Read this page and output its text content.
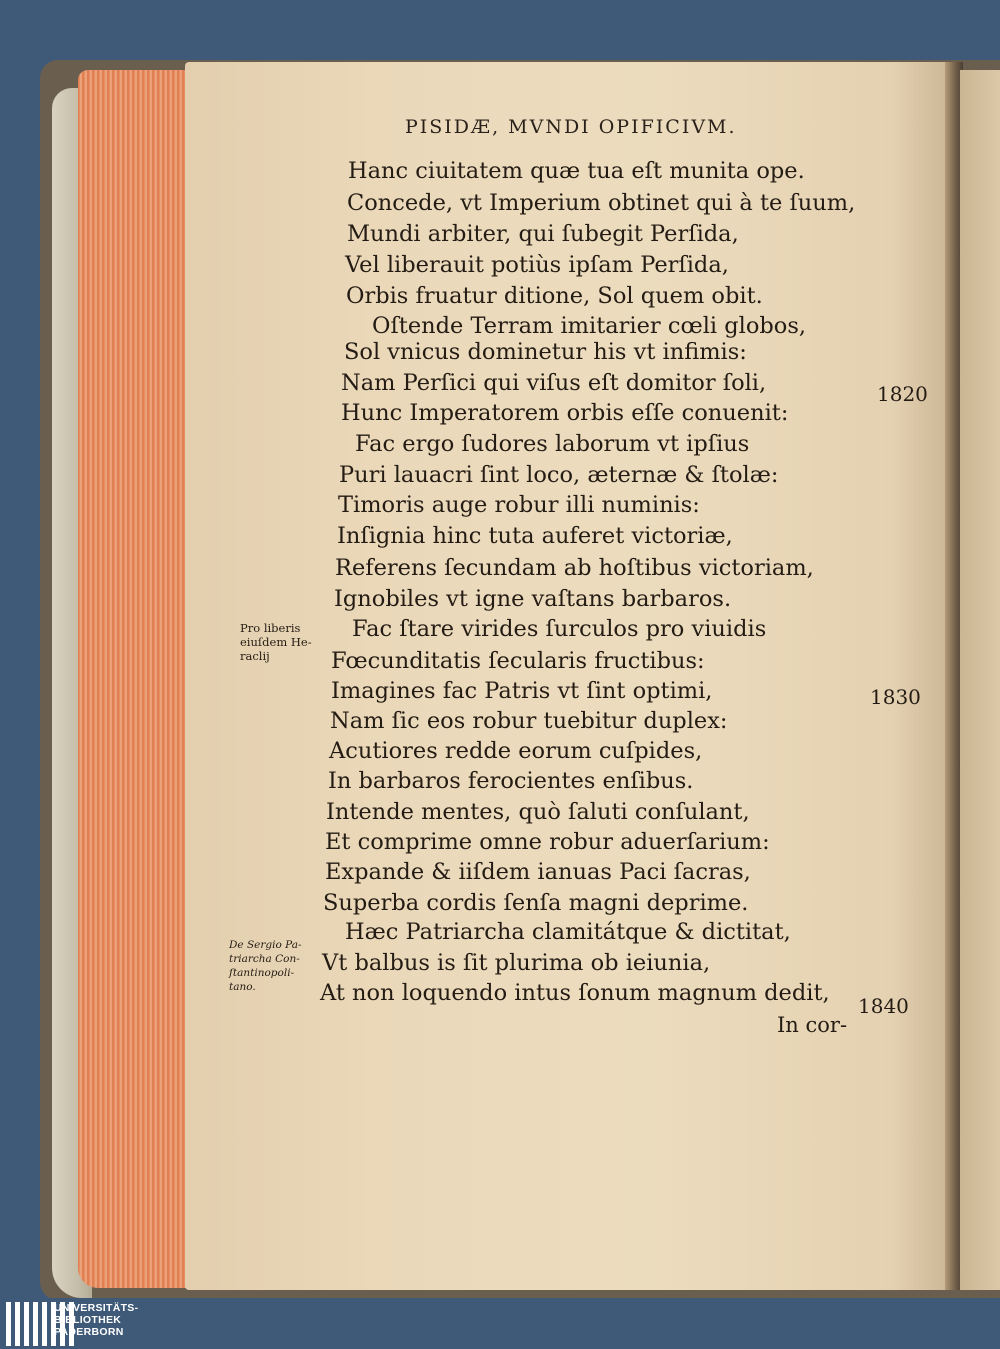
PISIDÆ, MVNDI OPIFICIVM.
Hanc ciuitatem quæ tua eſt munita ope.
Concede, vt Imperium obtinet qui à te ſuum,
Mundi arbiter, qui ſubegit Perſida,
Vel liberauit potiùs ipſam Perſida,
Orbis fruatur ditione, Sol quem obit.
Oſtende Terram imitarier cœli globos,
Sol vnicus dominetur his vt infimis:
Nam Perſici qui viſus eſt domitor ſoli,
Hunc Imperatorem orbis eſſe conuenit:
Fac ergo ſudores laborum vt ipſius
Puri lauacri ſint loco, æternæ & ſtolæ:
Timoris auge robur illi numinis:
Inſignia hinc tuta auferet victoriæ,
Referens ſecundam ab hoſtibus victoriam,
Ignobiles vt igne vaſtans barbaros.
Fac ſtare virides ſurculos pro viuidis
Fœcunditatis ſecularis fructibus:
Imagines fac Patris vt ſint optimi,
Nam ſic eos robur tuebitur duplex:
Acutiores redde eorum cuſpides,
In barbaros ferocientes enſibus.
Intende mentes, quò ſaluti conſulant,
Et comprime omne robur aduerſarium:
Expande & iiſdem ianuas Paci ſacras,
Superba cordis ſenſa magni deprime.
Hæc Patriarcha clamitátque & dictitat,
Vt balbus is ſit plurima ob ieiunia,
At non loquendo intus ſonum magnum dedit,
1820
1830
1840
Pro liberis
eiuſdem He-
raclij
De Sergio Pa-
triarcha Con-
ſtantinopoli-
tano.
In cor-
UNIVERSITÄTS-
BIBLIOTHEK
PADERBORN
